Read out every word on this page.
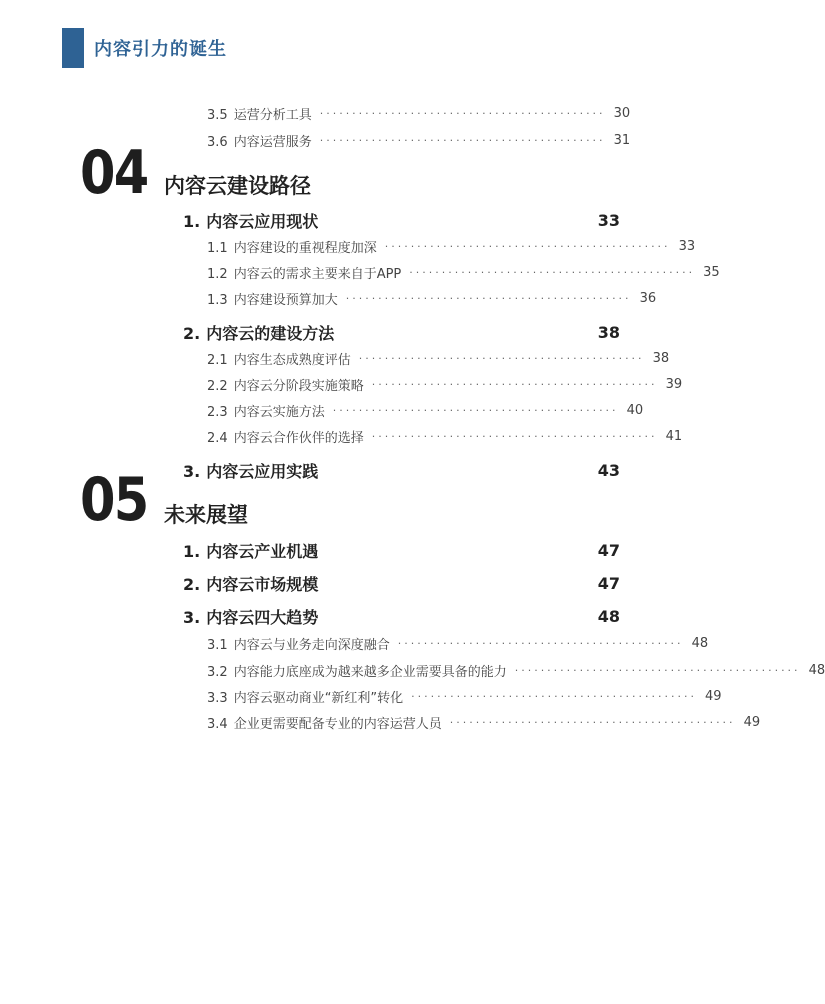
内容引力的诞生
3.5 运营分析工具 ············································ 30
3.6 内容运营服务 ············································ 31
04 内容云建设路径
1. 内容云应用现状	33
1.1 内容建设的重视程度加深 ············································ 33
1.2 内容云的需求主要来自于APP ············································ 35
1.3 内容建设预算加大 ············································ 36
2. 内容云的建设方法	38
2.1 内容生态成熟度评估 ············································ 38
2.2 内容云分阶段实施策略 ············································ 39
2.3 内容云实施方法 ············································ 40
2.4 内容云合作伙伴的选择 ············································ 41
3. 内容云应用实践	43
05 未来展望
1. 内容云产业机遇	47
2. 内容云市场规模	47
3. 内容云四大趋势	48
3.1 内容云与业务走向深度融合 ············································ 48
3.2 内容能力底座成为越来越多企业需要具备的能力 ············································ 48
3.3 内容云驱动商业“新红利”转化 ············································ 49
3.4 企业更需要配备专业的内容运营人员 ············································ 49
